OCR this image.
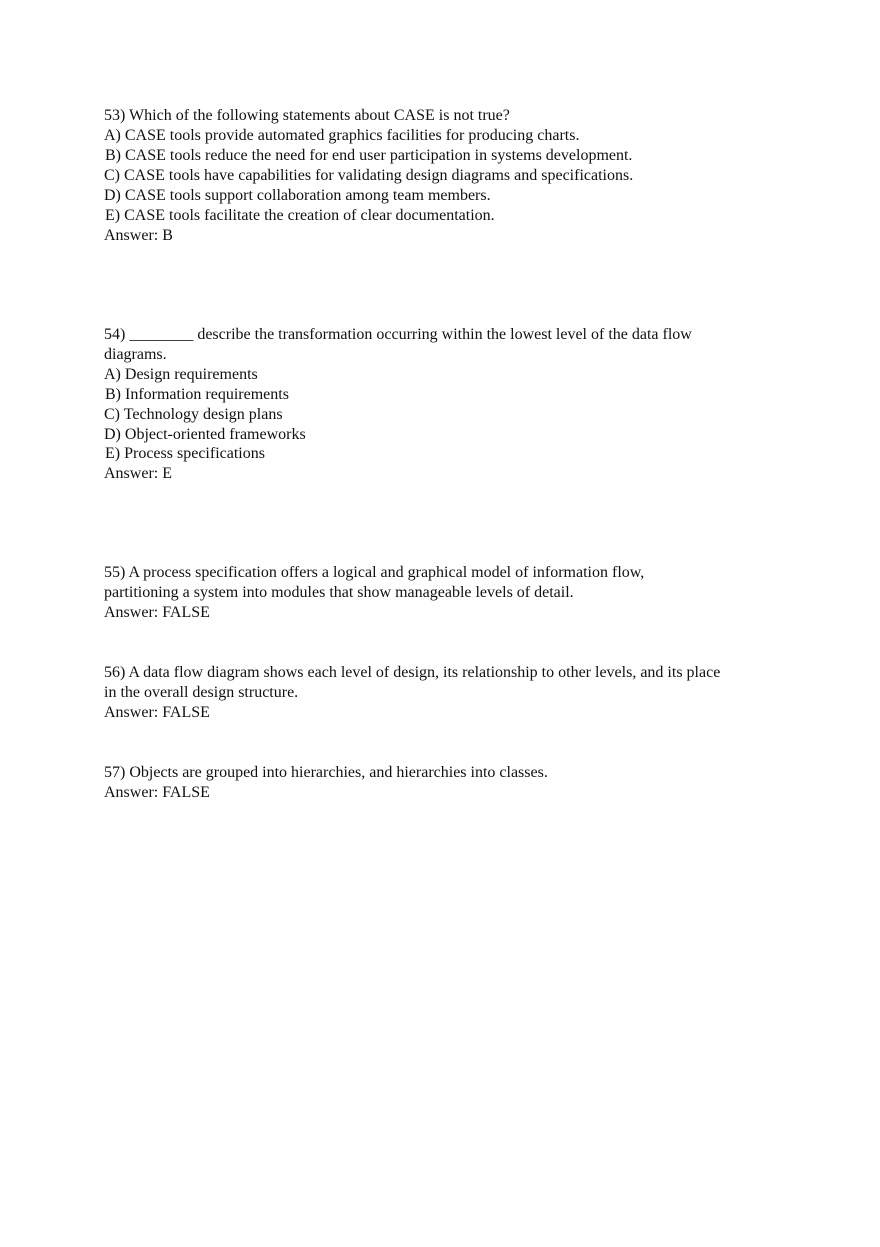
53) Which of the following statements about CASE is not true?
A) CASE tools provide automated graphics facilities for producing charts.
B) CASE tools reduce the need for end user participation in systems development.
C) CASE tools have capabilities for validating design diagrams and specifications.
D) CASE tools support collaboration among team members.
E) CASE tools facilitate the creation of clear documentation.
Answer: B
54) ________ describe the transformation occurring within the lowest level of the data flow
diagrams.
A) Design requirements
B) Information requirements
C) Technology design plans
D) Object-oriented frameworks
E) Process specifications
Answer: E
55) A process specification offers a logical and graphical model of information flow,
partitioning a system into modules that show manageable levels of detail.
Answer: FALSE
56) A data flow diagram shows each level of design, its relationship to other levels, and its place
in the overall design structure.
Answer: FALSE
57) Objects are grouped into hierarchies, and hierarchies into classes.
Answer: FALSE
